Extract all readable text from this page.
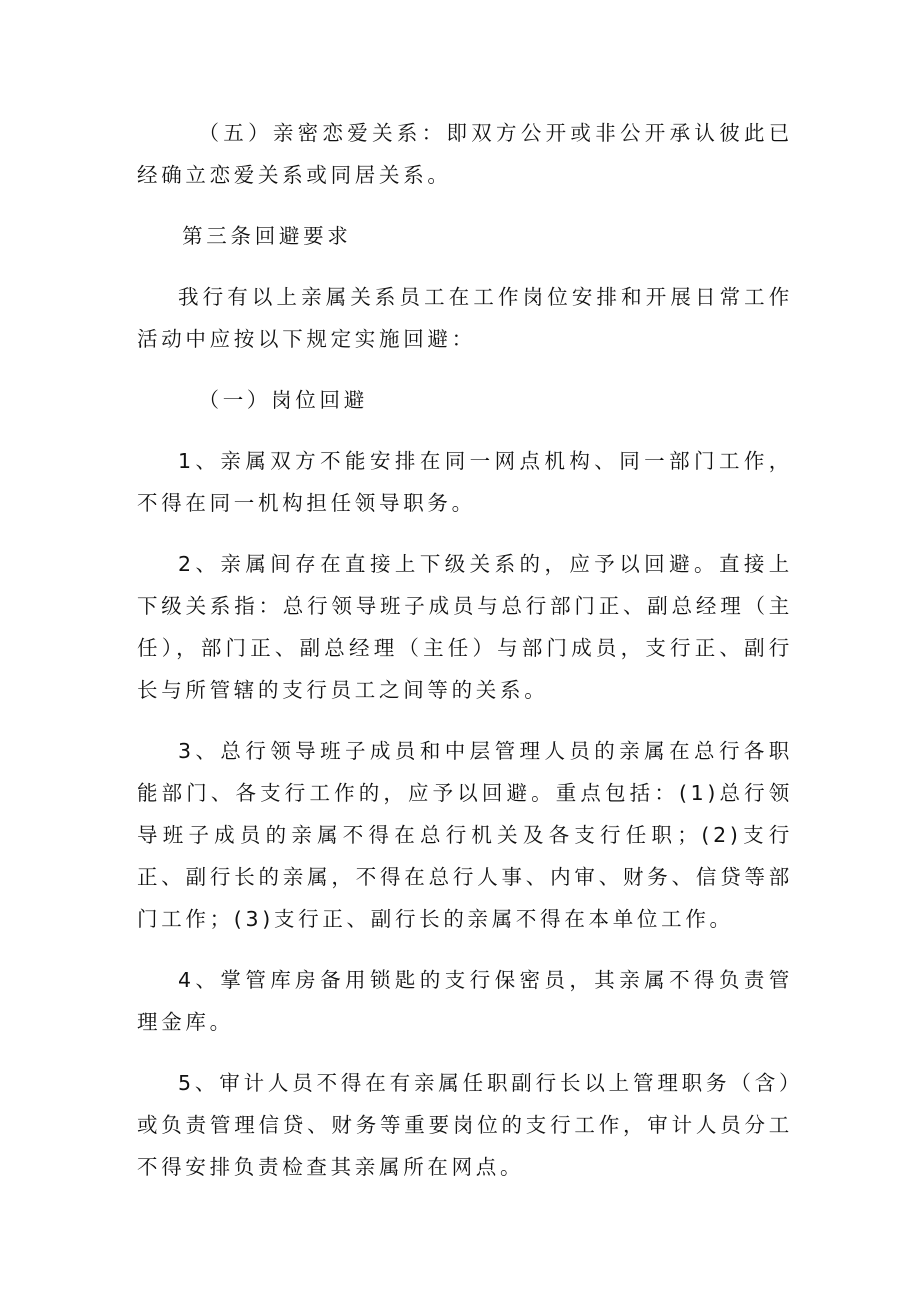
（五）亲密恋爱关系：即双方公开或非公开承认彼此已经确立恋爱关系或同居关系。

第三条回避要求

我行有以上亲属关系员工在工作岗位安排和开展日常工作活动中应按以下规定实施回避：

（一）岗位回避

1、亲属双方不能安排在同一网点机构、同一部门工作，不得在同一机构担任领导职务。

2、亲属间存在直接上下级关系的，应予以回避。直接上下级关系指：总行领导班子成员与总行部门正、副总经理（主任），部门正、副总经理（主任）与部门成员，支行正、副行长与所管辖的支行员工之间等的关系。

3、总行领导班子成员和中层管理人员的亲属在总行各职能部门、各支行工作的，应予以回避。重点包括：(1)总行领导班子成员的亲属不得在总行机关及各支行任职；(2)支行正、副行长的亲属，不得在总行人事、内审、财务、信贷等部门工作；(3)支行正、副行长的亲属不得在本单位工作。

4、掌管库房备用锁匙的支行保密员，其亲属不得负责管理金库。

5、审计人员不得在有亲属任职副行长以上管理职务（含）或负责管理信贷、财务等重要岗位的支行工作，审计人员分工不得安排负责检查其亲属所在网点。
